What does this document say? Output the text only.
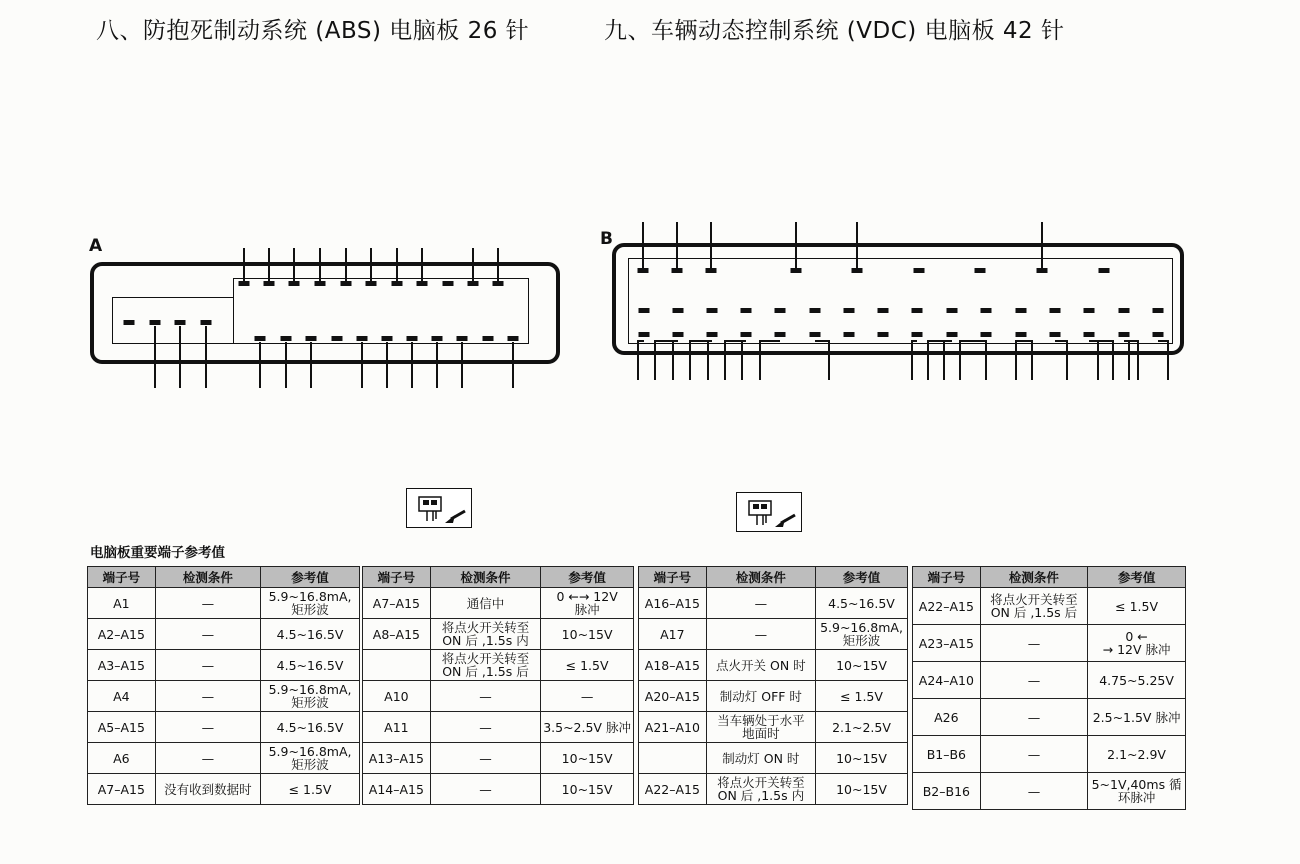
八、防抱死制动系统 (ABS) 电脑板 26 针	九、车辆动态控制系统 (VDC) 电脑板 42 针
A	B
电脑板重要端子参考值
端子号	检测条件	参考值
A1	—	5.9~16.8mA,
矩形波
A2–A15	—	4.5~16.5V
A3–A15	—	4.5~16.5V
A4	—	5.9~16.8mA,
矩形波
A5–A15	—	4.5~16.5V
A6	—	5.9~16.8mA,
矩形波
A7–A15	没有收到数据时	≤ 1.5V
端子号	检测条件	参考值
A7–A15	通信中	0 ←→ 12V
脉冲
A8–A15	将点火开关转至
ON 后 ,1.5s 内	10~15V
	将点火开关转至
ON 后 ,1.5s 后	≤ 1.5V
A10	—	—
A11	—	3.5~2.5V 脉冲
A13–A15	—	10~15V
A14–A15	—	10~15V
端子号	检测条件	参考值
A16–A15	—	4.5~16.5V
A17	—	5.9~16.8mA,
矩形波
A18–A15	点火开关 ON 时	10~15V
A20–A15	制动灯 OFF 时	≤ 1.5V
A21–A10	当车辆处于水平
地面时	2.1~2.5V
	制动灯 ON 时	10~15V
A22–A15	将点火开关转至
ON 后 ,1.5s 内	10~15V
端子号	检测条件	参考值
A22–A15	将点火开关转至
ON 后 ,1.5s 后	≤ 1.5V
A23–A15	—	0 ←
→ 12V 脉冲
A24–A10	—	4.75~5.25V
A26	—	2.5~1.5V 脉冲
B1–B6	—	2.1~2.9V
B2–B16	—	5~1V,40ms 循
环脉冲
